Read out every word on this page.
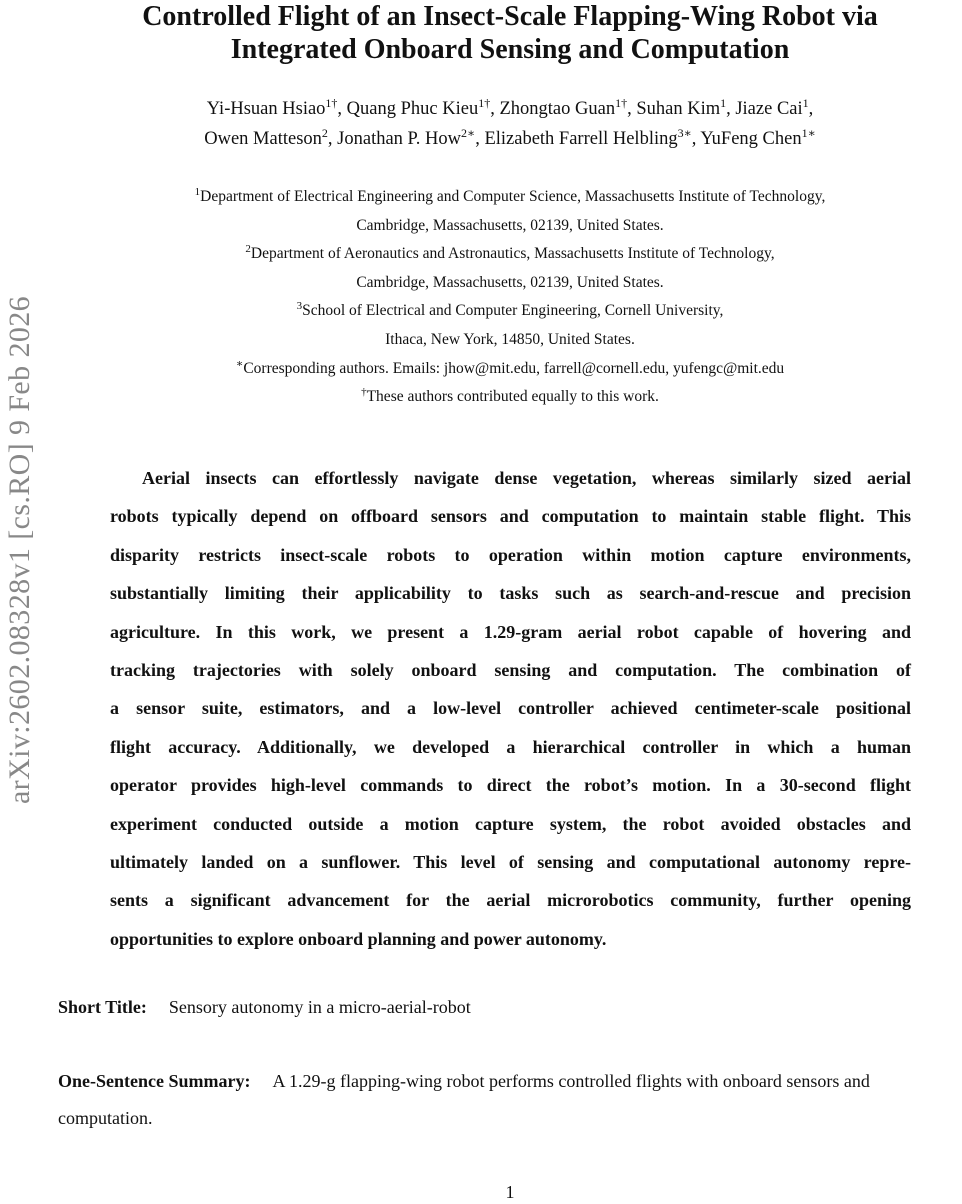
arXiv:2602.08328v1 [cs.RO] 9 Feb 2026
Controlled Flight of an Insect-Scale Flapping-Wing Robot via
Integrated Onboard Sensing and Computation
Yi-Hsuan Hsiao$^{1\dagger}$, Quang Phuc Kieu$^{1\dagger}$, Zhongtao Guan$^{1\dagger}$, Suhan Kim$^1$, Jiaze Cai$^1$,
Owen Matteson$^2$, Jonathan P. How$^{2∗}$, Elizabeth Farrell Helbling$^{3∗}$, YuFeng Chen$^{1∗}$
$^1$Department of Electrical Engineering and Computer Science, Massachusetts Institute of Technology,
Cambridge, Massachusetts, 02139, United States.
$^2$Department of Aeronautics and Astronautics, Massachusetts Institute of Technology,
Cambridge, Massachusetts, 02139, United States.
$^3$School of Electrical and Computer Engineering, Cornell University,
Ithaca, New York, 14850, United States.
∗Corresponding authors. Emails: jhow@mit.edu, farrell@cornell.edu, yufengc@mit.edu
†These authors contributed equally to this work.
Aerial insects can effortlessly navigate dense vegetation, whereas similarly sized aerial
robots typically depend on offboard sensors and computation to maintain stable flight. This
disparity restricts insect-scale robots to operation within motion capture environments,
substantially limiting their applicability to tasks such as search-and-rescue and precision
agriculture. In this work, we present a 1.29-gram aerial robot capable of hovering and
tracking trajectories with solely onboard sensing and computation. The combination of
a sensor suite, estimators, and a low-level controller achieved centimeter-scale positional
flight accuracy. Additionally, we developed a hierarchical controller in which a human
operator provides high-level commands to direct the robot’s motion. In a 30-second flight
experiment conducted outside a motion capture system, the robot avoided obstacles and
ultimately landed on a sunflower. This level of sensing and computational autonomy repre-
sents a significant advancement for the aerial microrobotics community, further opening
opportunities to explore onboard planning and power autonomy.
Short Title: Sensory autonomy in a micro-aerial-robot
One-Sentence Summary: A 1.29-g flapping-wing robot performs controlled flights with onboard sensors and computation.
1
